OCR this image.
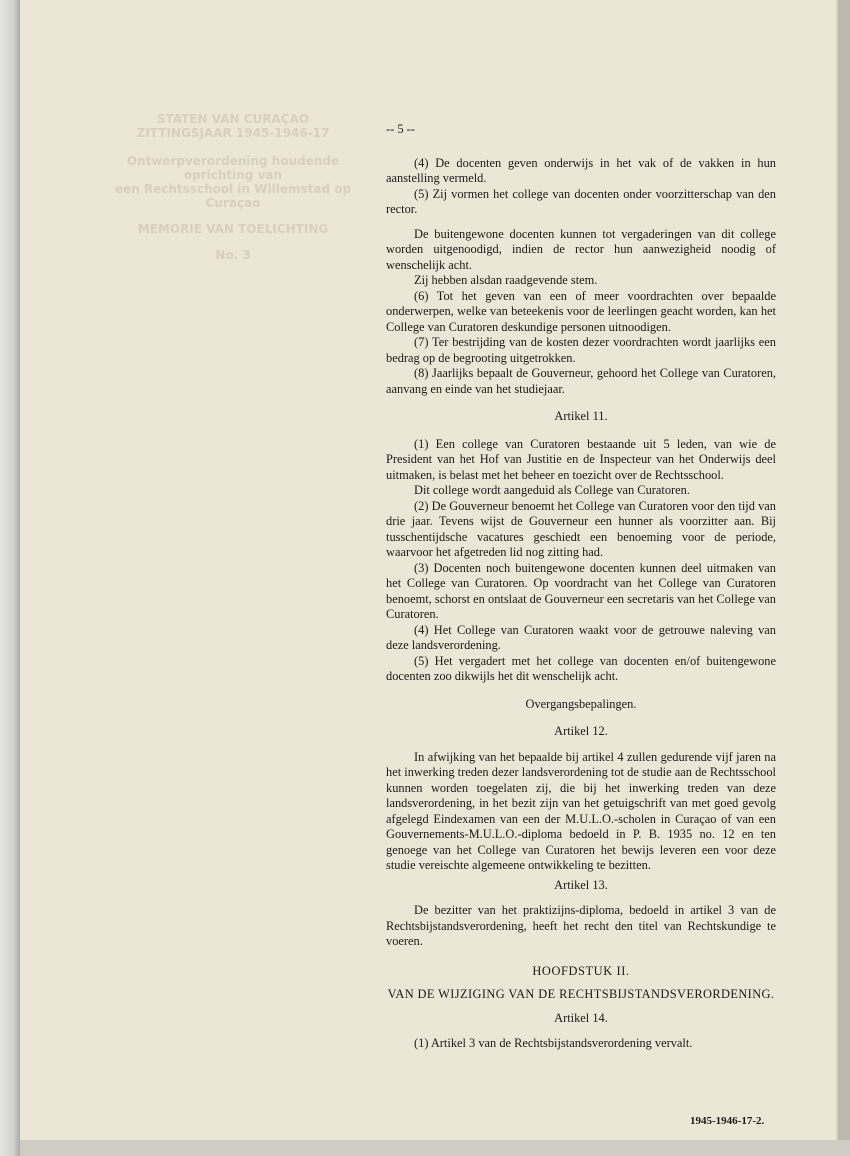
STATEN VAN CURAÇAO
ZITTINGSJAAR 1945-1946-17
Ontwerpverordening houdende oprichting van
een Rechtsschool in Willemstad op Curaçao
MEMORIE VAN TOELICHTING
No. 3

-- 5 --

(4) De docenten geven onderwijs in het vak of de vakken in hun aanstelling vermeld.

(5) Zij vormen het college van docenten onder voorzitterschap van den rector.

De buitengewone docenten kunnen tot vergaderingen van dit college worden uitgenoodigd, indien de rector hun aanwezigheid noodig of wenschelijk acht.

Zij hebben alsdan raadgevende stem.

(6) Tot het geven van een of meer voordrachten over bepaalde onderwerpen, welke van beteekenis voor de leerlingen geacht worden, kan het College van Curatoren deskundige personen uitnoodigen.

(7) Ter bestrijding van de kosten dezer voordrachten wordt jaarlijks een bedrag op de begrooting uitgetrokken.

(8) Jaarlijks bepaalt de Gouverneur, gehoord het College van Curatoren, aanvang en einde van het studiejaar.

Artikel 11.

(1) Een college van Curatoren bestaande uit 5 leden, van wie de President van het Hof van Justitie en de Inspecteur van het Onderwijs deel uitmaken, is belast met het beheer en toezicht over de Rechtsschool.

Dit college wordt aangeduid als College van Curatoren.

(2) De Gouverneur benoemt het College van Curatoren voor den tijd van drie jaar. Tevens wijst de Gouverneur een hunner als voorzitter aan. Bij tusschentijdsche vacatures geschiedt een benoeming voor de periode, waarvoor het afgetreden lid nog zitting had.

(3) Docenten noch buitengewone docenten kunnen deel uitmaken van het College van Curatoren. Op voordracht van het College van Curatoren benoemt, schorst en ontslaat de Gouverneur een secretaris van het College van Curatoren.

(4) Het College van Curatoren waakt voor de getrouwe naleving van deze landsverordening.

(5) Het vergadert met het college van docenten en/of buitengewone docenten zoo dikwijls het dit wenschelijk acht.

Overgangsbepalingen.

Artikel 12.

In afwijking van het bepaalde bij artikel 4 zullen gedurende vijf jaren na het inwerking treden dezer landsverordening tot de studie aan de Rechtsschool kunnen worden toegelaten zij, die bij het inwerking treden van deze landsverordening, in het bezit zijn van het getuigschrift van met goed gevolg afgelegd Eindexamen van een der M.U.L.O.-scholen in Curaçao of van een Gouvernements-M.U.L.O.-diploma bedoeld in P. B. 1935 no. 12 en ten genoege van het College van Curatoren het bewijs leveren een voor deze studie vereischte algemeene ontwikkeling te bezitten.

Artikel 13.

De bezitter van het praktizijns-diploma, bedoeld in artikel 3 van de Rechtsbijstandsverordening, heeft het recht den titel van Rechtskundige te voeren.

HOOFDSTUK II.

VAN DE WIJZIGING VAN DE RECHTSBIJSTANDSVERORDENING.

Artikel 14.

(1) Artikel 3 van de Rechtsbijstandsverordening vervalt.

1945-1946-17-2.
